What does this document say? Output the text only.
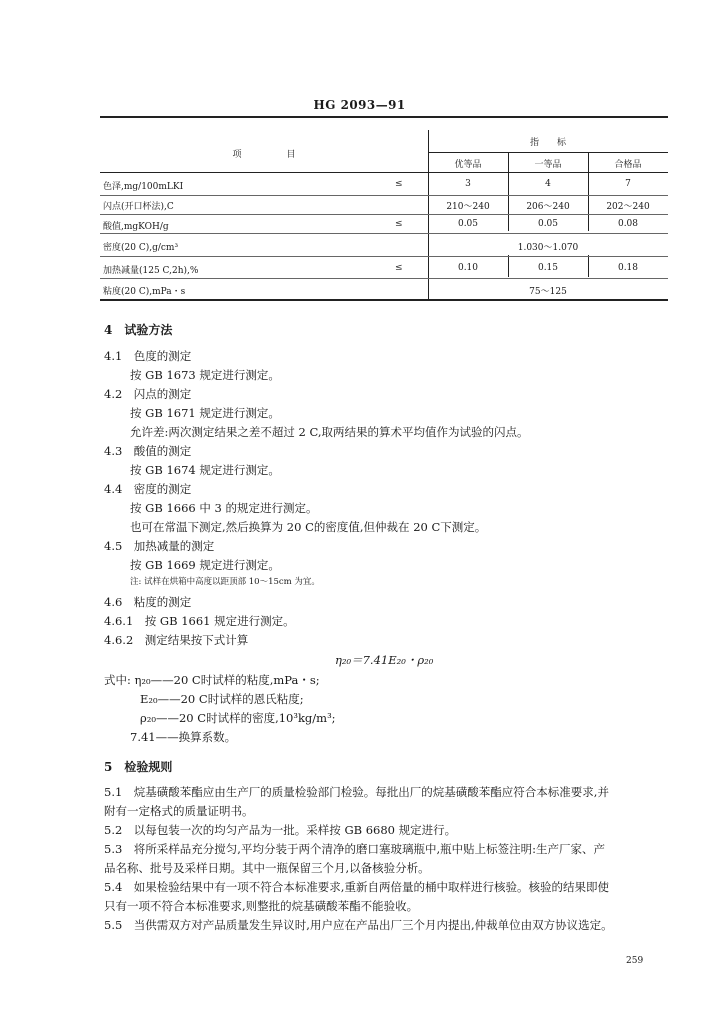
HG 2093—91
项　　　　　目
指　　标
优等品	一等品	合格品
色泽,mg/100mLKI	≤	3	4	7
闪点(开口杯法),C	210～240	206～240	202～240
酸值,mgKOH/g	≤	0.05	0.05	0.08
密度(20 C),g/cm³	1.030～1.070
加热减量(125 C,2h),%	≤	0.10	0.15	0.18
粘度(20 C),mPa・s	75～125
4　试验方法
4.1　色度的测定
按 GB 1673 规定进行测定。
4.2　闪点的测定
按 GB 1671 规定进行测定。
允许差:两次测定结果之差不超过 2 C,取两结果的算术平均值作为试验的闪点。
4.3　酸值的测定
按 GB 1674 规定进行测定。
4.4　密度的测定
按 GB 1666 中 3 的规定进行测定。
也可在常温下测定,然后换算为 20 C的密度值,但仲裁在 20 C下测定。
4.5　加热减量的测定
按 GB 1669 规定进行测定。
注: 试样在烘箱中高度以距顶部 10～15cm 为宜。
4.6　粘度的测定
4.6.1　按 GB 1661 规定进行测定。
4.6.2　测定结果按下式计算
η₂₀＝7.41E₂₀・ρ₂₀
式中: η₂₀——20 C时试样的粘度,mPa・s;
E₂₀——20 C时试样的恩氏粘度;
ρ₂₀——20 C时试样的密度,10³kg/m³;
7.41——换算系数。
5　检验规则
5.1　烷基磺酸苯酯应由生产厂的质量检验部门检验。每批出厂的烷基磺酸苯酯应符合本标准要求,并
附有一定格式的质量证明书。
5.2　以每包装一次的均匀产品为一批。采样按 GB 6680 规定进行。
5.3　将所采样品充分搅匀,平均分装于两个清净的磨口塞玻璃瓶中,瓶中贴上标签注明:生产厂家、产
品名称、批号及采样日期。其中一瓶保留三个月,以备核验分析。
5.4　如果检验结果中有一项不符合本标准要求,重新自两倍量的桶中取样进行核验。核验的结果即使
只有一项不符合本标准要求,则整批的烷基磺酸苯酯不能验收。
5.5　当供需双方对产品质量发生异议时,用户应在产品出厂三个月内提出,仲裁单位由双方协议选定。
259
